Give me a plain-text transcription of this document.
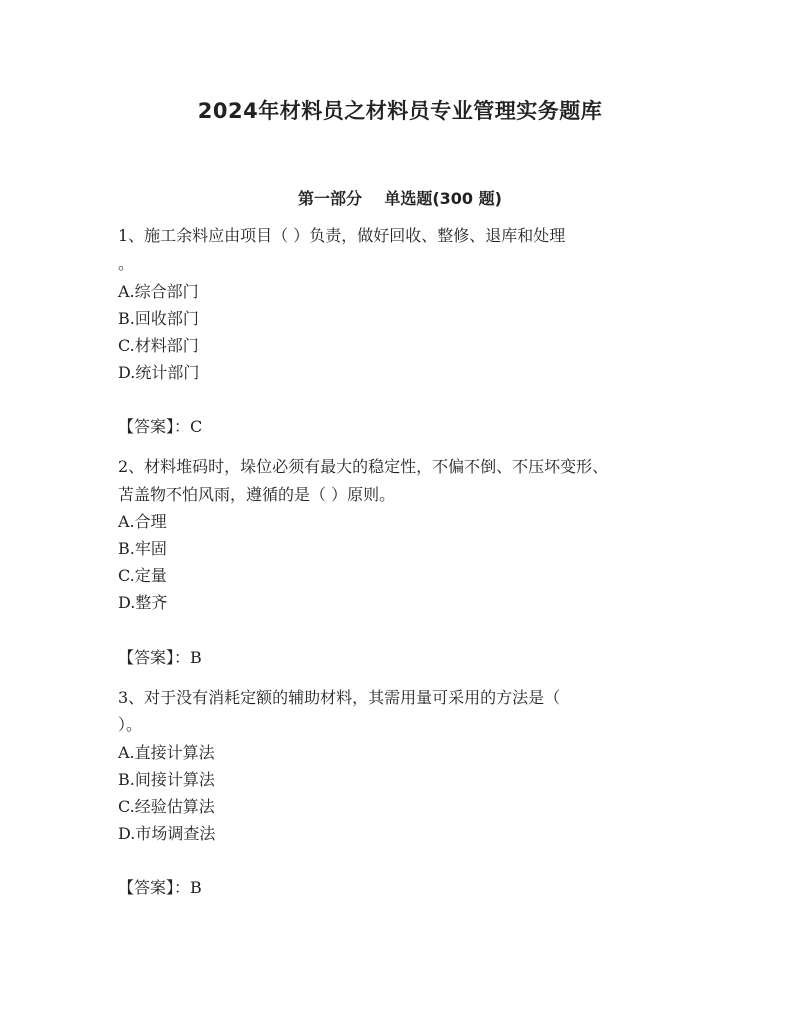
2024年材料员之材料员专业管理实务题库
第一部分    单选题(300 题)

1、施工余料应由项目（ ）负责，做好回收、整修、退库和处理

。

A.综合部门

B.回收部门

C.材料部门

D.统计部门

【答案】：C

2、材料堆码时，垛位必须有最大的稳定性，不偏不倒、不压坏变形、

苫盖物不怕风雨，遵循的是（ ）原则。

A.合理

B.牢固

C.定量

D.整齐

【答案】：B

3、对于没有消耗定额的辅助材料，其需用量可采用的方法是（

）。

A.直接计算法

B.间接计算法

C.经验估算法

D.市场调查法

【答案】：B
